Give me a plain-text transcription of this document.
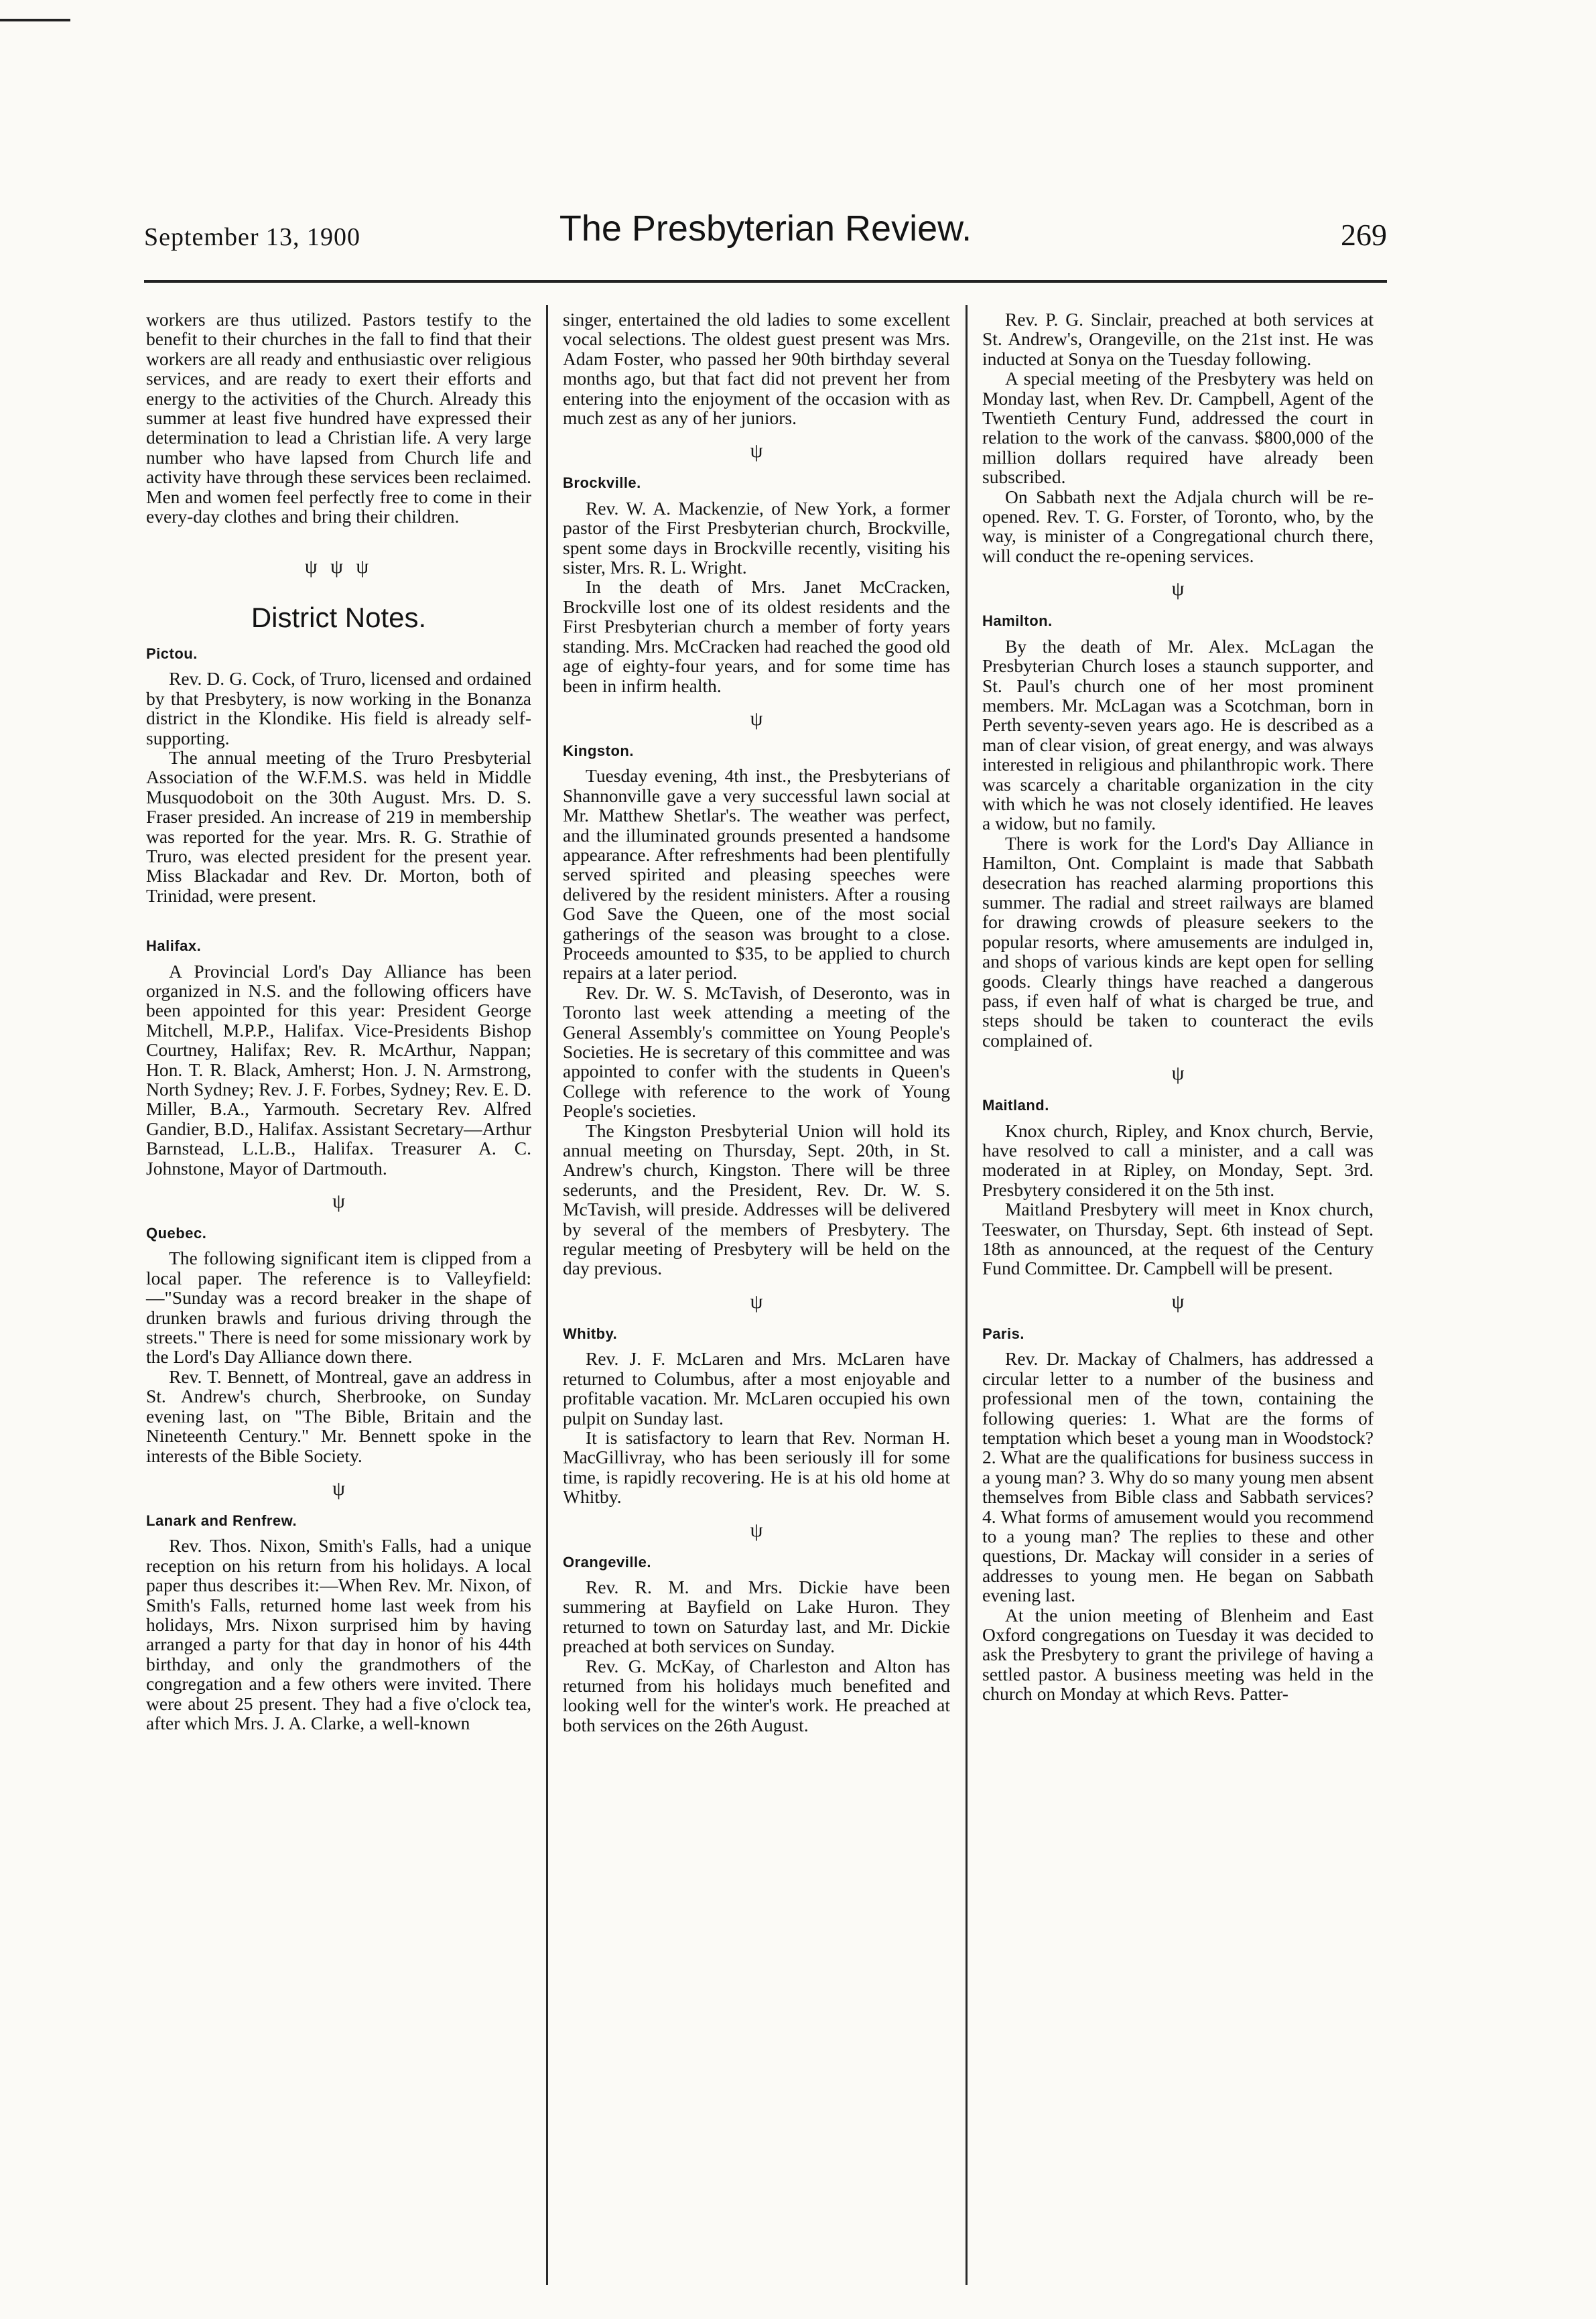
September 13, 1900	The Presbyterian Review.	269

workers are thus utilized. Pastors testify to the benefit to their churches in the fall to find that their workers are all ready and enthusiastic over religious services, and are ready to exert their efforts and energy to the activities of the Church. Already this summer at least five hundred have expressed their determination to lead a Christian life. A very large number who have lapsed from Church life and activity have through these services been reclaimed. Men and women feel perfectly free to come in their every-day clothes and bring their children.

ψ ψ ψ
District Notes.
Pictou.

Rev. D. G. Cock, of Truro, licensed and ordained by that Presbytery, is now working in the Bonanza district in the Klondike. His field is already self-supporting.

The annual meeting of the Truro Presbyterial Association of the W.F.M.S. was held in Middle Musquodoboit on the 30th August. Mrs. D. S. Fraser presided. An increase of 219 in membership was reported for the year. Mrs. R. G. Strathie of Truro, was elected president for the present year. Miss Blackadar and Rev. Dr. Morton, both of Trinidad, were present.

Halifax.

A Provincial Lord's Day Alliance has been organized in N.S. and the following officers have been appointed for this year: President George Mitchell, M.P.P., Halifax. Vice-Presidents Bishop Courtney, Halifax; Rev. R. McArthur, Nappan; Hon. T. R. Black, Amherst; Hon. J. N. Armstrong, North Sydney; Rev. J. F. Forbes, Sydney; Rev. E. D. Miller, B.A., Yarmouth. Secretary Rev. Alfred Gandier, B.D., Halifax. Assistant Secretary—Arthur Barnstead, L.L.B., Halifax. Treasurer A. C. Johnstone, Mayor of Dartmouth.

ψ
Quebec.

The following significant item is clipped from a local paper. The reference is to Valleyfield: —"Sunday was a record breaker in the shape of drunken brawls and furious driving through the streets." There is need for some missionary work by the Lord's Day Alliance down there.

Rev. T. Bennett, of Montreal, gave an address in St. Andrew's church, Sherbrooke, on Sunday evening last, on "The Bible, Britain and the Nineteenth Century." Mr. Bennett spoke in the interests of the Bible Society.

ψ
Lanark and Renfrew.

Rev. Thos. Nixon, Smith's Falls, had a unique reception on his return from his holidays. A local paper thus describes it:—When Rev. Mr. Nixon, of Smith's Falls, returned home last week from his holidays, Mrs. Nixon surprised him by having arranged a party for that day in honor of his 44th birthday, and only the grandmothers of the congregation and a few others were invited. There were about 25 present. They had a five o'clock tea, after which Mrs. J. A. Clarke, a well-known

singer, entertained the old ladies to some excellent vocal selections. The oldest guest present was Mrs. Adam Foster, who passed her 90th birthday several months ago, but that fact did not prevent her from entering into the enjoyment of the occasion with as much zest as any of her juniors.

ψ
Brockville.

Rev. W. A. Mackenzie, of New York, a former pastor of the First Presbyterian church, Brockville, spent some days in Brockville recently, visiting his sister, Mrs. R. L. Wright.

In the death of Mrs. Janet McCracken, Brockville lost one of its oldest residents and the First Presbyterian church a member of forty years standing. Mrs. McCracken had reached the good old age of eighty-four years, and for some time has been in infirm health.

ψ
Kingston.

Tuesday evening, 4th inst., the Presbyterians of Shannonville gave a very successful lawn social at Mr. Matthew Shetlar's. The weather was perfect, and the illuminated grounds presented a handsome appearance. After refreshments had been plentifully served spirited and pleasing speeches were delivered by the resident ministers. After a rousing God Save the Queen, one of the most social gatherings of the season was brought to a close. Proceeds amounted to $35, to be applied to church repairs at a later period.

Rev. Dr. W. S. McTavish, of Deseronto, was in Toronto last week attending a meeting of the General Assembly's committee on Young People's Societies. He is secretary of this committee and was appointed to confer with the students in Queen's College with reference to the work of Young People's societies.

The Kingston Presbyterial Union will hold its annual meeting on Thursday, Sept. 20th, in St. Andrew's church, Kingston. There will be three sederunts, and the President, Rev. Dr. W. S. McTavish, will preside. Addresses will be delivered by several of the members of Presbytery. The regular meeting of Presbytery will be held on the day previous.

ψ
Whitby.

Rev. J. F. McLaren and Mrs. McLaren have returned to Columbus, after a most enjoyable and profitable vacation. Mr. McLaren occupied his own pulpit on Sunday last.

It is satisfactory to learn that Rev. Norman H. MacGillivray, who has been seriously ill for some time, is rapidly recovering. He is at his old home at Whitby.

ψ
Orangeville.

Rev. R. M. and Mrs. Dickie have been summering at Bayfield on Lake Huron. They returned to town on Saturday last, and Mr. Dickie preached at both services on Sunday.

Rev. G. McKay, of Charleston and Alton has returned from his holidays much benefited and looking well for the winter's work. He preached at both services on the 26th August.

Rev. P. G. Sinclair, preached at both services at St. Andrew's, Orangeville, on the 21st inst. He was inducted at Sonya on the Tuesday following.

A special meeting of the Presbytery was held on Monday last, when Rev. Dr. Campbell, Agent of the Twentieth Century Fund, addressed the court in relation to the work of the canvass. $800,000 of the million dollars required have already been subscribed.

On Sabbath next the Adjala church will be re-opened. Rev. T. G. Forster, of Toronto, who, by the way, is minister of a Congregational church there, will conduct the re-opening services.

ψ
Hamilton.

By the death of Mr. Alex. McLagan the Presbyterian Church loses a staunch supporter, and St. Paul's church one of her most prominent members. Mr. McLagan was a Scotchman, born in Perth seventy-seven years ago. He is described as a man of clear vision, of great energy, and was always interested in religious and philanthropic work. There was scarcely a charitable organization in the city with which he was not closely identified. He leaves a widow, but no family.

There is work for the Lord's Day Alliance in Hamilton, Ont. Complaint is made that Sabbath desecration has reached alarming proportions this summer. The radial and street railways are blamed for drawing crowds of pleasure seekers to the popular resorts, where amusements are indulged in, and shops of various kinds are kept open for selling goods. Clearly things have reached a dangerous pass, if even half of what is charged be true, and steps should be taken to counteract the evils complained of.

ψ
Maitland.

Knox church, Ripley, and Knox church, Bervie, have resolved to call a minister, and a call was moderated in at Ripley, on Monday, Sept. 3rd. Presbytery considered it on the 5th inst.

Maitland Presbytery will meet in Knox church, Teeswater, on Thursday, Sept. 6th instead of Sept. 18th as announced, at the request of the Century Fund Committee. Dr. Campbell will be present.

ψ
Paris.

Rev. Dr. Mackay of Chalmers, has addressed a circular letter to a number of the business and professional men of the town, containing the following queries: 1. What are the forms of temptation which beset a young man in Woodstock? 2. What are the qualifications for business success in a young man? 3. Why do so many young men absent themselves from Bible class and Sabbath services? 4. What forms of amusement would you recommend to a young man? The replies to these and other questions, Dr. Mackay will consider in a series of addresses to young men. He began on Sabbath evening last.

At the union meeting of Blenheim and East Oxford congregations on Tuesday it was decided to ask the Presbytery to grant the privilege of having a settled pastor. A business meeting was held in the church on Monday at which Revs. Patter-
